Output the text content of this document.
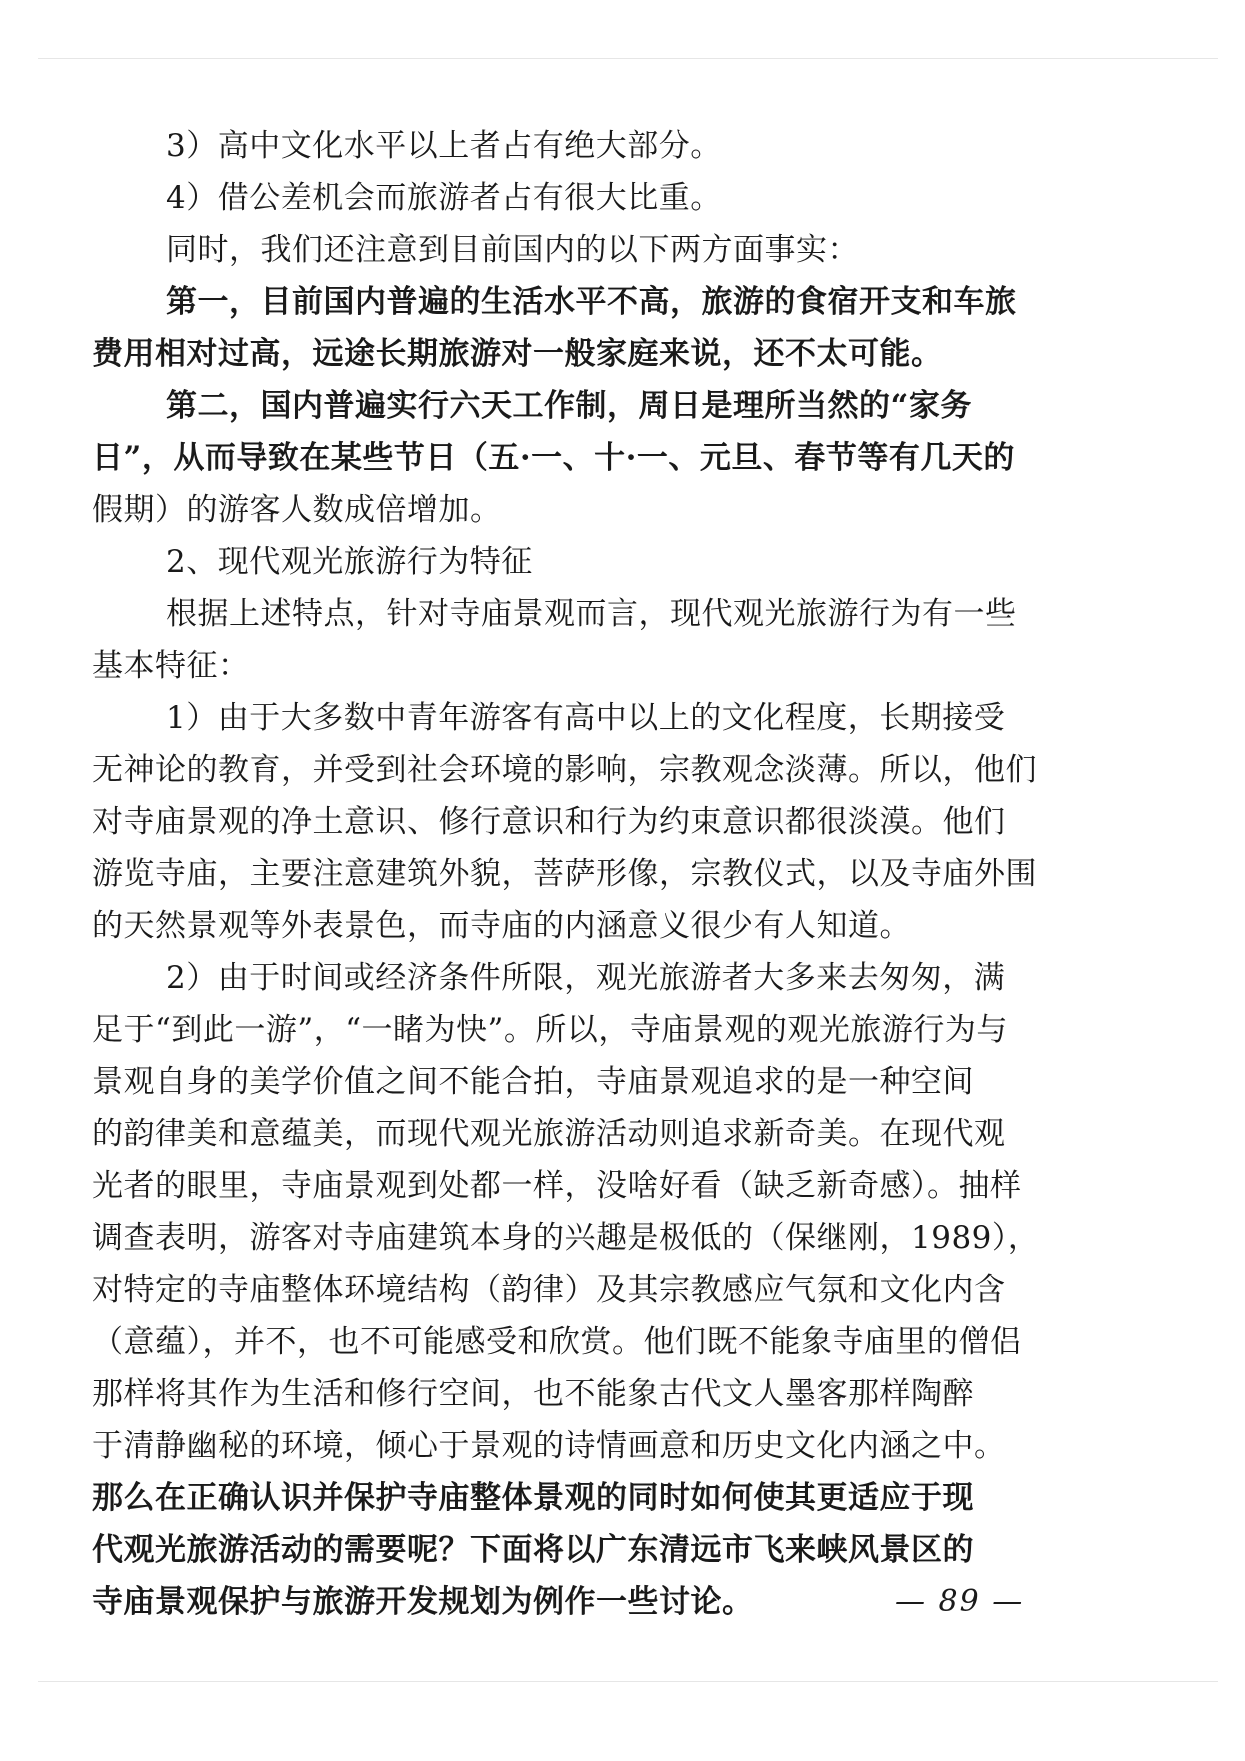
3）高中文化水平以上者占有绝大部分。
4）借公差机会而旅游者占有很大比重。
同时，我们还注意到目前国内的以下两方面事实：
第一，目前国内普遍的生活水平不高，旅游的食宿开支和车旅
费用相对过高，远途长期旅游对一般家庭来说，还不太可能。
第二，国内普遍实行六天工作制，周日是理所当然的“家务
日”，从而导致在某些节日（五·一、十·一、元旦、春节等有几天的
假期）的游客人数成倍增加。
2、现代观光旅游行为特征
根据上述特点，针对寺庙景观而言，现代观光旅游行为有一些
基本特征：
1）由于大多数中青年游客有高中以上的文化程度，长期接受
无神论的教育，并受到社会环境的影响，宗教观念淡薄。所以，他们
对寺庙景观的净土意识、修行意识和行为约束意识都很淡漠。他们
游览寺庙，主要注意建筑外貌，菩萨形像，宗教仪式，以及寺庙外围
的天然景观等外表景色，而寺庙的内涵意义很少有人知道。
2）由于时间或经济条件所限，观光旅游者大多来去匆匆，满
足于“到此一游”，“一睹为快”。所以，寺庙景观的观光旅游行为与
景观自身的美学价值之间不能合拍，寺庙景观追求的是一种空间
的韵律美和意蕴美，而现代观光旅游活动则追求新奇美。在现代观
光者的眼里，寺庙景观到处都一样，没啥好看（缺乏新奇感）。抽样
调查表明，游客对寺庙建筑本身的兴趣是极低的（保继刚，1989），
对特定的寺庙整体环境结构（韵律）及其宗教感应气氛和文化内含
（意蕴），并不，也不可能感受和欣赏。他们既不能象寺庙里的僧侣
那样将其作为生活和修行空间，也不能象古代文人墨客那样陶醉
于清静幽秘的环境，倾心于景观的诗情画意和历史文化内涵之中。
那么在正确认识并保护寺庙整体景观的同时如何使其更适应于现
代观光旅游活动的需要呢？下面将以广东清远市飞来峡风景区的
寺庙景观保护与旅游开发规划为例作一些讨论。	— 89 —
